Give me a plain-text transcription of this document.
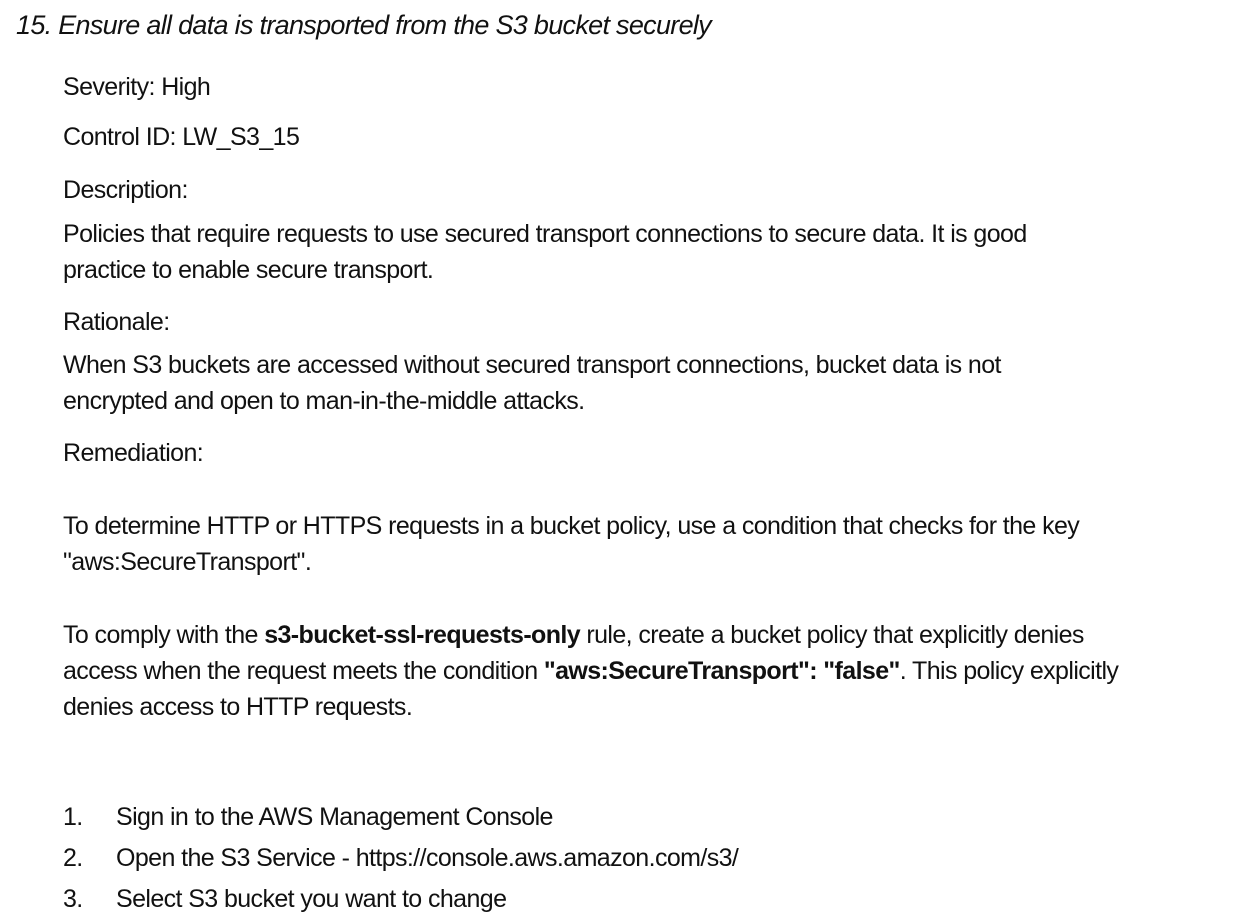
15. Ensure all data is transported from the S3 bucket securely
Severity: High
Control ID: LW_S3_15
Description:
Policies that require requests to use secured transport connections to secure data. It is good
practice to enable secure transport.
Rationale:
When S3 buckets are accessed without secured transport connections, bucket data is not
encrypted and open to man-in-the-middle attacks.
Remediation:
To determine HTTP or HTTPS requests in a bucket policy, use a condition that checks for the key
"aws:SecureTransport".
To comply with the s3-bucket-ssl-requests-only rule, create a bucket policy that explicitly denies
access when the request meets the condition "aws:SecureTransport": "false". This policy explicitly
denies access to HTTP requests.
1. Sign in to the AWS Management Console
2. Open the S3 Service - https://console.aws.amazon.com/s3/
3. Select S3 bucket you want to change
